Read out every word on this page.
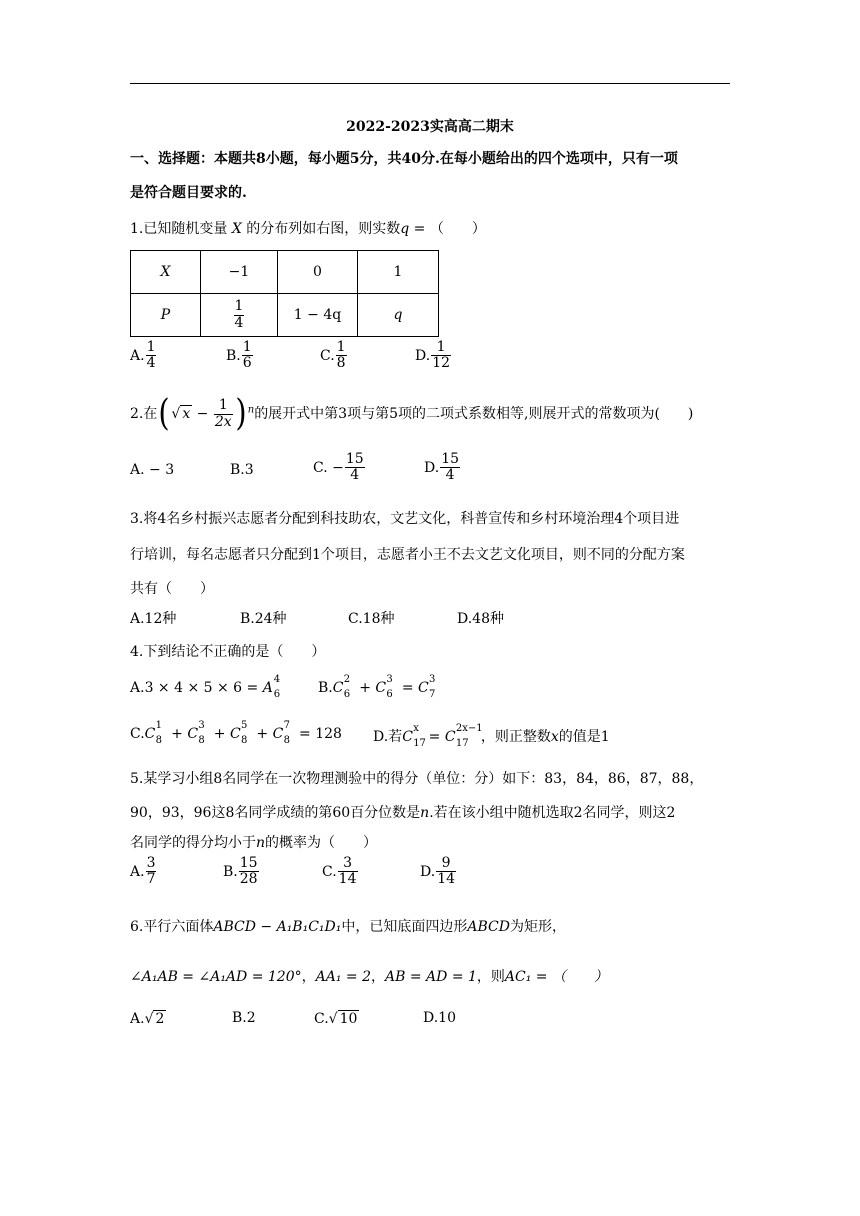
2022-2023实高高二期末
一、选择题：本题共8小题，每小题5分，共40分.在每小题给出的四个选项中，只有一项
是符合题目要求的.
1.已知随机变量 X 的分布列如右图，则实数q = （　　）
X	−1	0	1
P	$\frac{1}{4}$	1 − 4q	q
A. $\frac{1}{4}$	B. $\frac{1}{6}$	C. $\frac{1}{8}$	D. $\frac{1}{12}$
2.在(√ $x - \frac{1}{2x} )^n$的展开式中第3项与第5项的二项式系数相等,则展开式的常数项为(　　)
A. − 3	B.3	C. − $\frac{15}{4}$	D. $\frac{15}{4}$
3.将4名乡村振兴志愿者分配到科技助农，文艺文化，科普宣传和乡村环境治理4个项目进
行培训，每名志愿者只分配到1个项目，志愿者小王不去文艺文化项目，则不同的分配方案
共有（　　）
A.12种	B.24种	C.18种	D.48种
4.下到结论不正确的是（　　）
A.3 × 4 × 5 × 6 = A
4
6	B.C
2
6 + C
3
6 = C
3
7
C.C
1
8 + C
3
8 + C
5
8 + C
7
8 = 128 D.若C
x
17
= C
2x−1
17 ，则正整数x的值是1
5.某学习小组8名同学在一次物理测验中的得分（单位：分）如下：83，84，86，87，88，
90，93，96这8名同学成绩的第60百分位数是n.若在该小组中随机选取2名同学，则这2
名同学的得分均小于n的概率为（　　）
A. $\frac{3}{7}$	B. $\frac{15}{28}$	C. $\frac{3}{14}$	D. $\frac{9}{14}$
6.平行六面体ABCD − A₁B₁C₁D₁中，已知底面四边形ABCD为矩形，
∠A₁AB = ∠A₁AD = 120°，AA₁ = 2，AB = AD = 1，则AC₁ = （　　）
A.√ 2	B.2	C.√ 10	D.10
